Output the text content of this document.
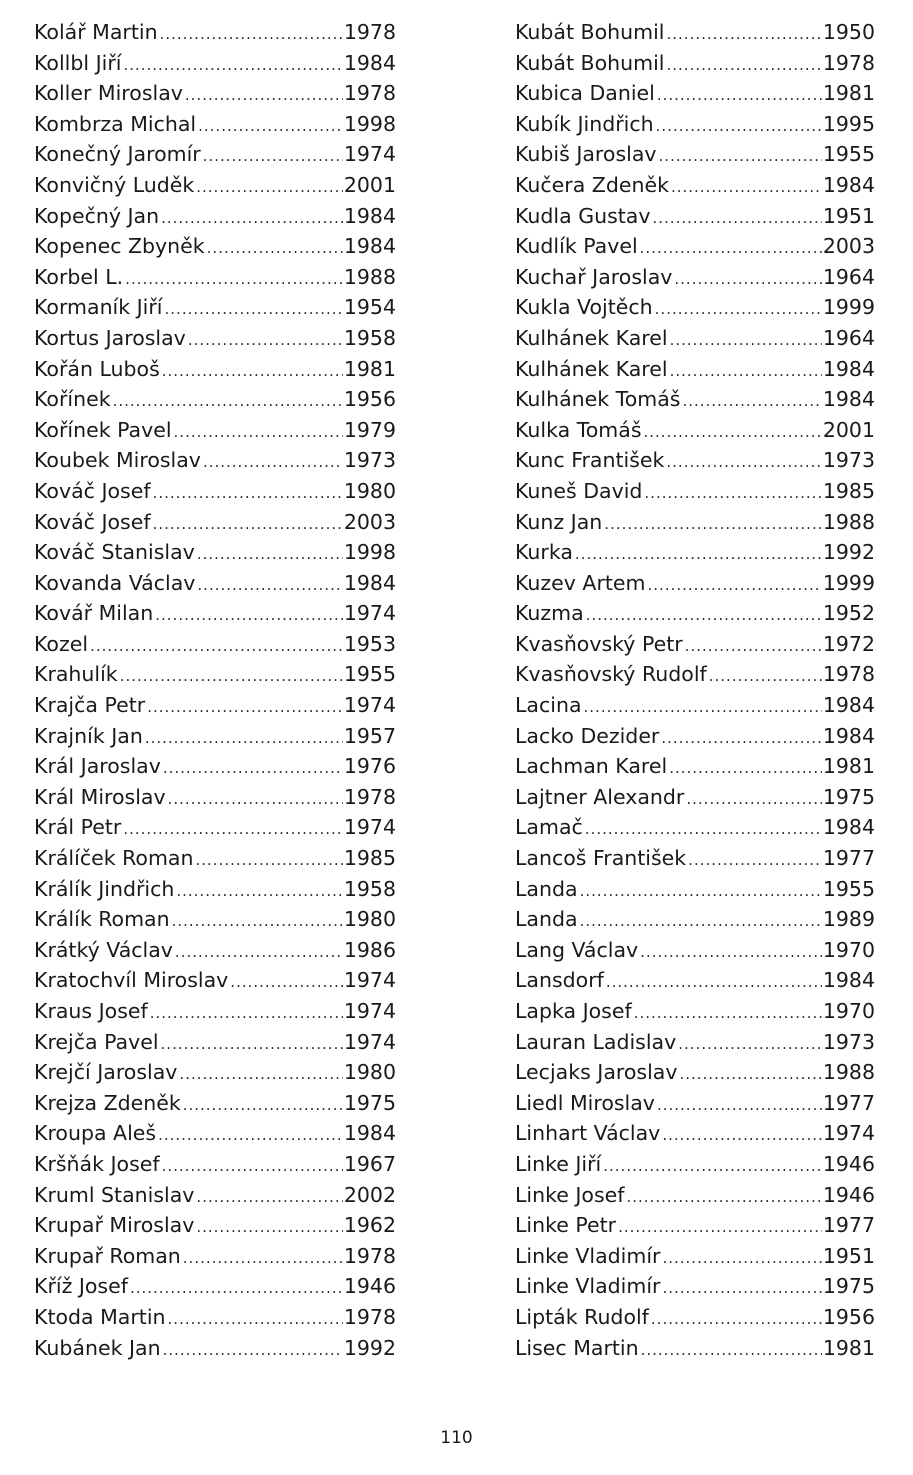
Kolář Martin .....	1978
Kollbl Jiří .....	1984
Koller Miroslav .....	1978
Kombrza Michal .....	1998
Konečný Jaromír .....	1974
Konvičný Luděk .....	2001
Kopečný Jan .....	1984
Kopenec Zbyněk .....	1984
Korbel L. .....	1988
Kormaník Jiří .....	1954
Kortus Jaroslav .....	1958
Kořán Luboš .....	1981
Kořínek .....	1956
Kořínek Pavel .....	1979
Koubek Miroslav .....	1973
Kováč Josef .....	1980
Kováč Josef .....	2003
Kováč Stanislav .....	1998
Kovanda Václav .....	1984
Kovář Milan .....	1974
Kozel .....	1953
Krahulík .....	1955
Krajča Petr .....	1974
Krajník Jan .....	1957
Král Jaroslav .....	1976
Král Miroslav .....	1978
Král Petr .....	1974
Králíček Roman .....	1985
Králík Jindřich .....	1958
Králík Roman .....	1980
Krátký Václav .....	1986
Kratochvíl Miroslav .....	1974
Kraus Josef .....	1974
Krejča Pavel .....	1974
Krejčí Jaroslav .....	1980
Krejza Zdeněk .....	1975
Kroupa Aleš .....	1984
Kršňák Josef .....	1967
Kruml Stanislav .....	2002
Krupař Miroslav .....	1962
Krupař Roman .....	1978
Kříž Josef .....	1946
Ktoda Martin .....	1978
Kubánek Jan .....	1992
Kubát Bohumil .....	1950
Kubát Bohumil .....	1978
Kubica Daniel .....	1981
Kubík Jindřich .....	1995
Kubiš Jaroslav .....	1955
Kučera Zdeněk .....	1984
Kudla Gustav .....	1951
Kudlík Pavel .....	2003
Kuchař Jaroslav .....	1964
Kukla Vojtěch .....	1999
Kulhánek Karel .....	1964
Kulhánek Karel .....	1984
Kulhánek Tomáš .....	1984
Kulka Tomáš .....	2001
Kunc František .....	1973
Kuneš David .....	1985
Kunz Jan .....	1988
Kurka .....	1992
Kuzev Artem .....	1999
Kuzma .....	1952
Kvasňovský Petr .....	1972
Kvasňovský Rudolf .....	1978
Lacina .....	1984
Lacko Dezider .....	1984
Lachman Karel .....	1981
Lajtner Alexandr .....	1975
Lamač .....	1984
Lancoš František .....	1977
Landa .....	1955
Landa .....	1989
Lang Václav .....	1970
Lansdorf .....	1984
Lapka Josef .....	1970
Lauran Ladislav .....	1973
Lecjaks Jaroslav .....	1988
Liedl Miroslav .....	1977
Linhart Václav .....	1974
Linke Jiří .....	1946
Linke Josef .....	1946
Linke Petr .....	1977
Linke Vladimír .....	1951
Linke Vladimír .....	1975
Lipták Rudolf .....	1956
Lisec Martin .....	1981
110
